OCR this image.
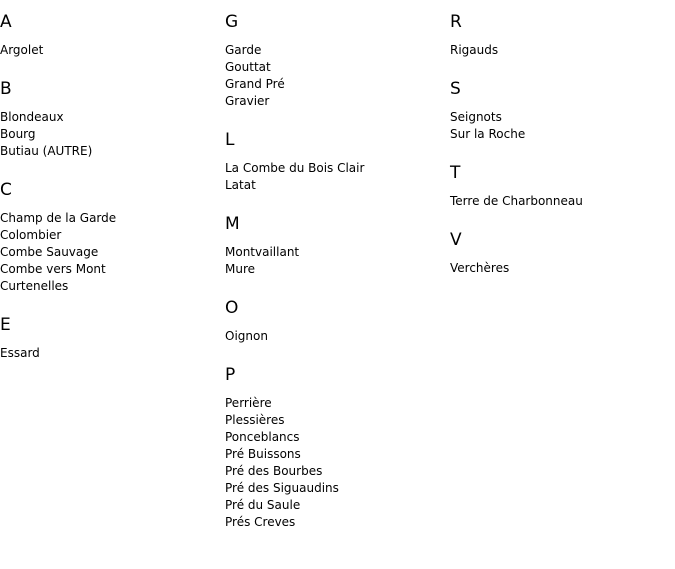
A
Argolet
B
Blondeaux
Bourg
Butiau (AUTRE)
C
Champ de la Garde
Colombier
Combe Sauvage
Combe vers Mont
Curtenelles
E
Essard
G
Garde
Gouttat
Grand Pré
Gravier
L
La Combe du Bois Clair
Latat
M
Montvaillant
Mure
O
Oignon
P
Perrière
Plessières
Ponceblancs
Pré Buissons
Pré des Bourbes
Pré des Siguaudins
Pré du Saule
Prés Creves
R
Rigauds
S
Seignots
Sur la Roche
T
Terre de Charbonneau
V
Verchères
